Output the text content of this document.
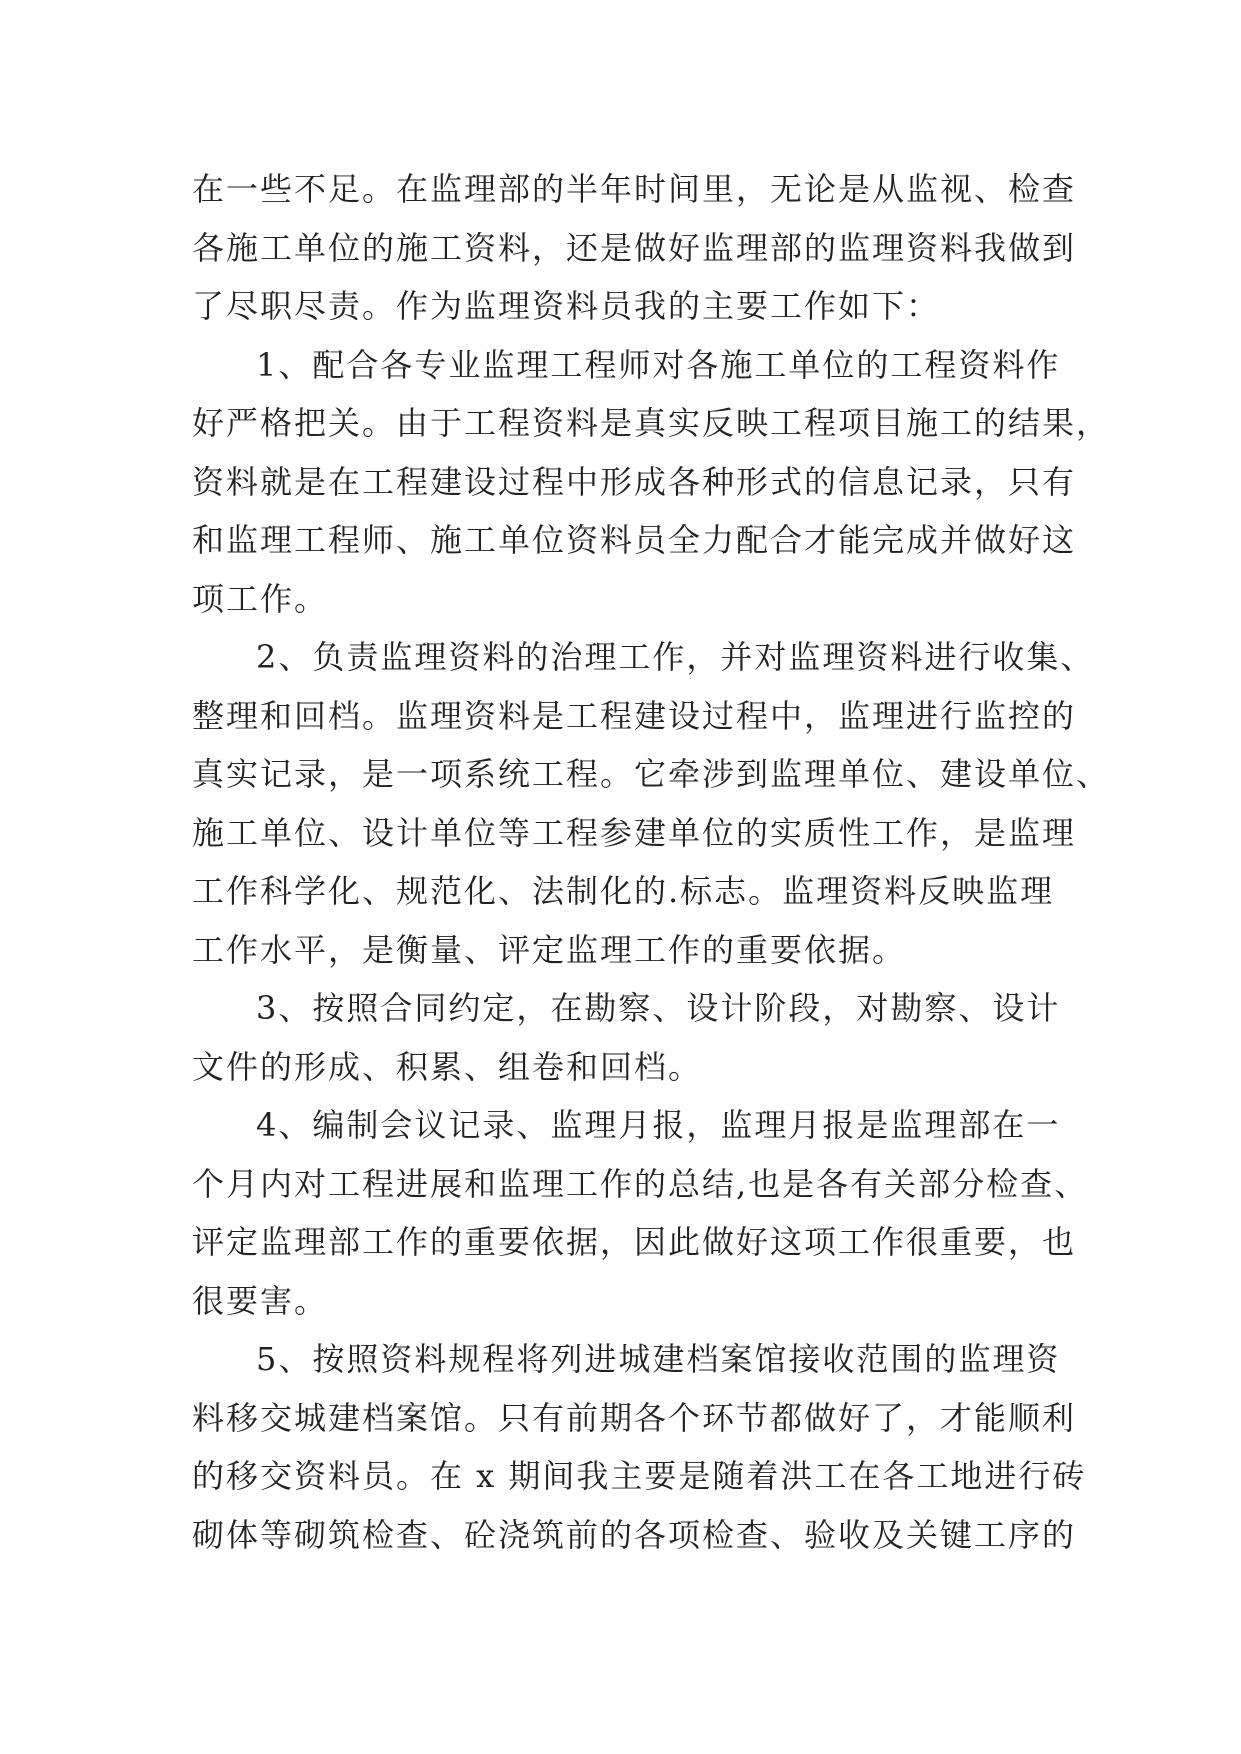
在一些不足。在监理部的半年时间里，无论是从监视、检查
各施工单位的施工资料，还是做好监理部的监理资料我做到
了尽职尽责。作为监理资料员我的主要工作如下：
1、配合各专业监理工程师对各施工单位的工程资料作
好严格把关。由于工程资料是真实反映工程项目施工的结果，
资料就是在工程建设过程中形成各种形式的信息记录，只有
和监理工程师、施工单位资料员全力配合才能完成并做好这
项工作。
2、负责监理资料的治理工作，并对监理资料进行收集、
整理和回档。监理资料是工程建设过程中，监理进行监控的
真实记录，是一项系统工程。它牵涉到监理单位、建设单位、
施工单位、设计单位等工程参建单位的实质性工作，是监理
工作科学化、规范化、法制化的.标志。监理资料反映监理
工作水平，是衡量、评定监理工作的重要依据。
3、按照合同约定，在勘察、设计阶段，对勘察、设计
文件的形成、积累、组卷和回档。
4、编制会议记录、监理月报，监理月报是监理部在一
个月内对工程进展和监理工作的总结,也是各有关部分检查、
评定监理部工作的重要依据，因此做好这项工作很重要，也
很要害。
5、按照资料规程将列进城建档案馆接收范围的监理资
料移交城建档案馆。只有前期各个环节都做好了，才能顺利
的移交资料员。在 x 期间我主要是随着洪工在各工地进行砖
砌体等砌筑检查、砼浇筑前的各项检查、验收及关键工序的
